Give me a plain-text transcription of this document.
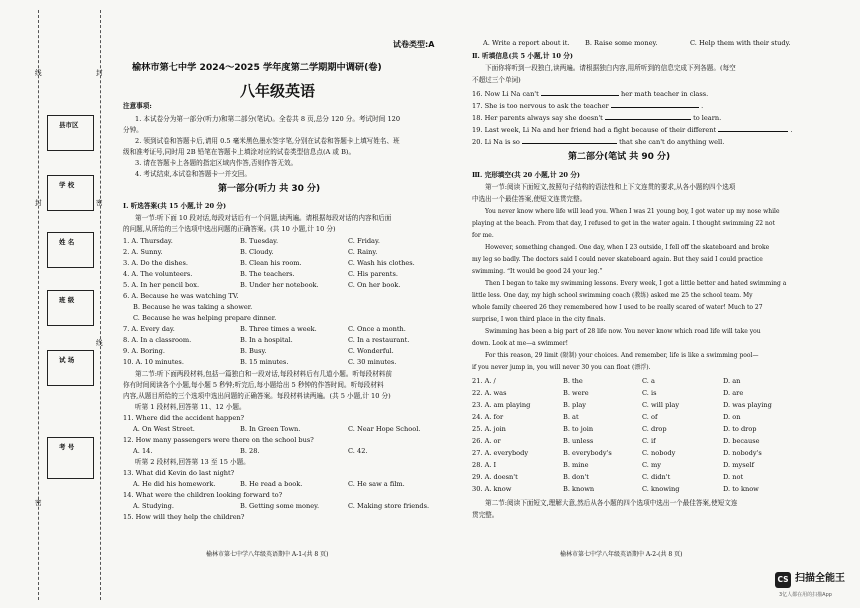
封
密
线
线
封
密
县市区
学 校
姓 名
班 级
试 场
考 号
试卷类型:A
榆林市第七中学 2024～2025 学年度第二学期期中调研(卷)
八年级英语
注意事项:
1. 本试卷分为第一部分(听力)和第二部分(笔试)。全卷共 8 页,总分 120 分。考试时间 120
分钟。
2. 领到试卷和答题卡后,请用 0.5 毫米黑色墨水签字笔,分别在试卷和答题卡上填写姓名、班
级和准考证号,同时用 2B 铅笔在答题卡上填涂对应的试卷类型信息点(A 或 B)。
3. 请在答题卡上各题的指定区域内作答,否则作答无效。
4. 考试结束,本试卷和答题卡一并交回。
第一部分(听力 共 30 分)
Ⅰ. 听选答案(共 15 小题,计 20 分)
第一节:听下面 10 段对话,每段对话后有一个问题,读两遍。请根据每段对话的内容和后面
的问题,从所给的三个选项中选出问题的正确答案。(共 10 小题,计 10 分)
1. A. Thursday.	B. Tuesday.	C. Friday.
2. A. Sunny.	B. Cloudy.	C. Rainy.
3. A. Do the dishes.	B. Clean his room.	C. Wash his clothes.
4. A. The volunteers.	B. The teachers.	C. His parents.
5. A. In her pencil box.	B. Under her notebook.	C. On her book.
6. A. Because he was watching TV.
B. Because he was taking a shower.
C. Because he was helping prepare dinner.
7. A. Every day.	B. Three times a week.	C. Once a month.
8. A. In a classroom.	B. In a hospital.	C. In a restaurant.
9. A. Boring.	B. Busy.	C. Wonderful.
10. A. 10 minutes.	B. 15 minutes.	C. 30 minutes.
第二节:听下面两段材料,包括一篇独白和一段对话,每段材料后有几道小题。听每段材料前
你有时间阅读各个小题,每小题 5 秒钟;听完后,每小题给出 5 秒钟的作答时间。听每段材料
内容,从题目所给的三个选项中选出问题的正确答案。每段材料读两遍。(共 5 小题,计 10 分)
听第 1 段材料,回答第 11、12 小题。
11. Where did the accident happen?
A. On West Street.	B. In Green Town.	C. Near Hope School.
12. How many passengers were there on the school bus?
A. 14.	B. 28.	C. 42.
听第 2 段材料,回答第 13 至 15 小题。
13. What did Kevin do last night?
A. He did his homework.	B. He read a book.	C. He saw a film.
14. What were the children looking forward to?
A. Studying.	B. Getting some money.	C. Making store friends.
15. How will they help the children?
榆林市第七中学八年级英语期中 A-1-(共 8 页)
A. Write a report about it. B. Raise some money.	C. Help them with their study.
Ⅱ. 听填信息(共 5 小题,计 10 分)
下面你将听到一段独白,读两遍。请根据独白内容,用所听到的信息完成下列各题。(每空
不超过三个单词)
16. Now Li Na can't	her math teacher in class.
17. She is too nervous to ask the teacher	.
18. Her parents always say she doesn't	to learn.
19. Last week, Li Na and her friend had a fight because of their different	.
20. Li Na is so	that she can't do anything well.
第二部分(笔试 共 90 分)
Ⅲ. 完形填空(共 20 小题,计 20 分)
第一节:阅读下面短文,按照句子结构的语法性和上下文连贯的要求,从各小题的四个选项
中选出一个最佳答案,使短文连贯完整。
You never know where life will lead you. When I was 21 young boy, I got water up my nose while
playing at the beach. From that day, I refused to get in the water again. I thought swimming 22 not
for me.
However, something changed. One day, when I 23 outside, I fell off the skateboard and broke
my leg so badly. The doctors said I could never skateboard again. But they said I could practice
swimming. “It would be good 24 your leg.”
Then I began to take my swimming lessons. Every week, I got a little better and hated swimming a
little less. One day, my high school swimming coach (教练) asked me 25 the school team. My
whole family cheered 26 they remembered how I used to be really scared of water! Much to 27
surprise, I won third place in the city finals.
Swimming has been a big part of 28 life now. You never know which road life will take you
down. Look at me—a swimmer!
For this reason, 29 limit (限制) your choices. And remember, life is like a swimming pool—
if you never jump in, you will never 30 you can float (漂浮).
21. A. /	B. the	C. a	D. an
22. A. was	B. were	C. is	D. are
23. A. am playing	B. play	C. will play	D. was playing
24. A. for	B. at	C. of	D. on
25. A. join	B. to join	C. drop	D. to drop
26. A. or	B. unless	C. if	D. because
27. A. everybody	B. everybody's	C. nobody	D. nobody's
28. A. I	B. mine	C. my	D. myself
29. A. doesn't	B. don't	C. didn't	D. not
30. A. know	B. known	C. knowing	D. to know
第二节:阅读下面短文,理解大意,然后从各小题的四个选项中选出一个最佳答案,使短文连
贯完整。
榆林市第七中学八年级英语期中 A-2-(共 8 页)
CS 扫描全能王
3亿人都在用的扫描App
